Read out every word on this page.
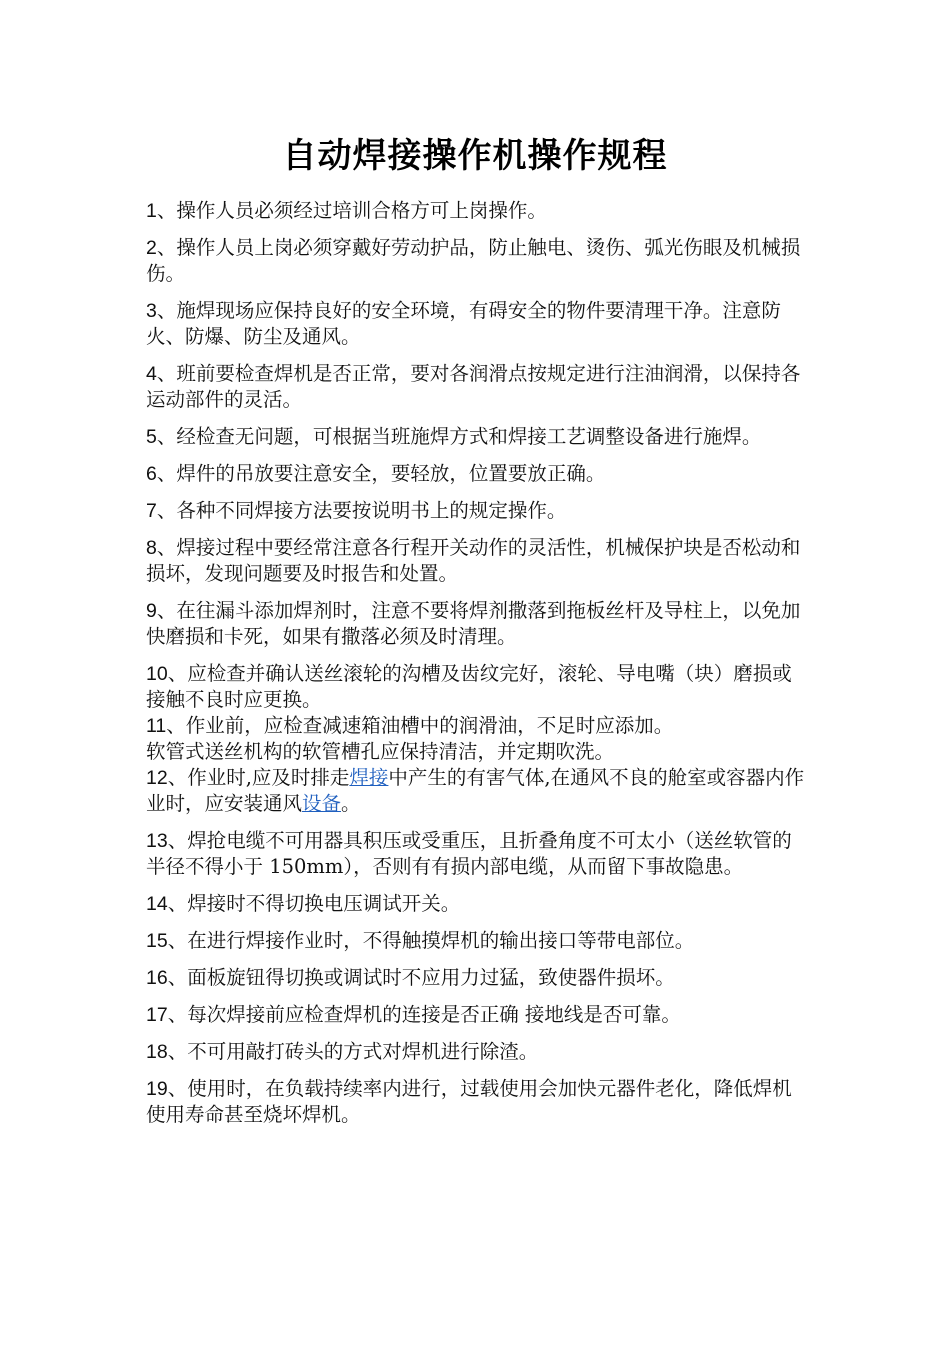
自动焊接操作机操作规程

1、操作人员必须经过培训合格方可上岗操作。

2、操作人员上岗必须穿戴好劳动护品，防止触电、烫伤、弧光伤眼及机械损伤。

3、施焊现场应保持良好的安全环境，有碍安全的物件要清理干净。注意防火、防爆、防尘及通风。

4、班前要检查焊机是否正常，要对各润滑点按规定进行注油润滑，以保持各运动部件的灵活。

5、经检查无问题，可根据当班施焊方式和焊接工艺调整设备进行施焊。

6、焊件的吊放要注意安全，要轻放，位置要放正确。

7、各种不同焊接方法要按说明书上的规定操作。

8、焊接过程中要经常注意各行程开关动作的灵活性，机械保护块是否松动和损坏，发现问题要及时报告和处置。

9、在往漏斗添加焊剂时，注意不要将焊剂撒落到拖板丝杆及导柱上，以免加快磨损和卡死，如果有撒落必须及时清理。

10、应检查并确认送丝滚轮的沟槽及齿纹完好，滚轮、导电嘴（块）磨损或接触不良时应更换。

11、作业前，应检查减速箱油槽中的润滑油，不足时应添加。

软管式送丝机构的软管槽孔应保持清洁，并定期吹洗。

12、作业时,应及时排走焊接中产生的有害气体,在通风不良的舱室或容器内作业时，应安装通风设备。

13、焊抢电缆不可用器具积压或受重压，且折叠角度不可太小（送丝软管的半径不得小于 150mm），否则有有损内部电缆，从而留下事故隐患。

14、焊接时不得切换电压调试开关。

15、在进行焊接作业时，不得触摸焊机的输出接口等带电部位。

16、面板旋钮得切换或调试时不应用力过猛，致使器件损坏。

17、每次焊接前应检查焊机的连接是否正确 接地线是否可靠。

18、不可用敲打砖头的方式对焊机进行除渣。

19、使用时，在负载持续率内进行，过载使用会加快元器件老化，降低焊机使用寿命甚至烧坏焊机。
